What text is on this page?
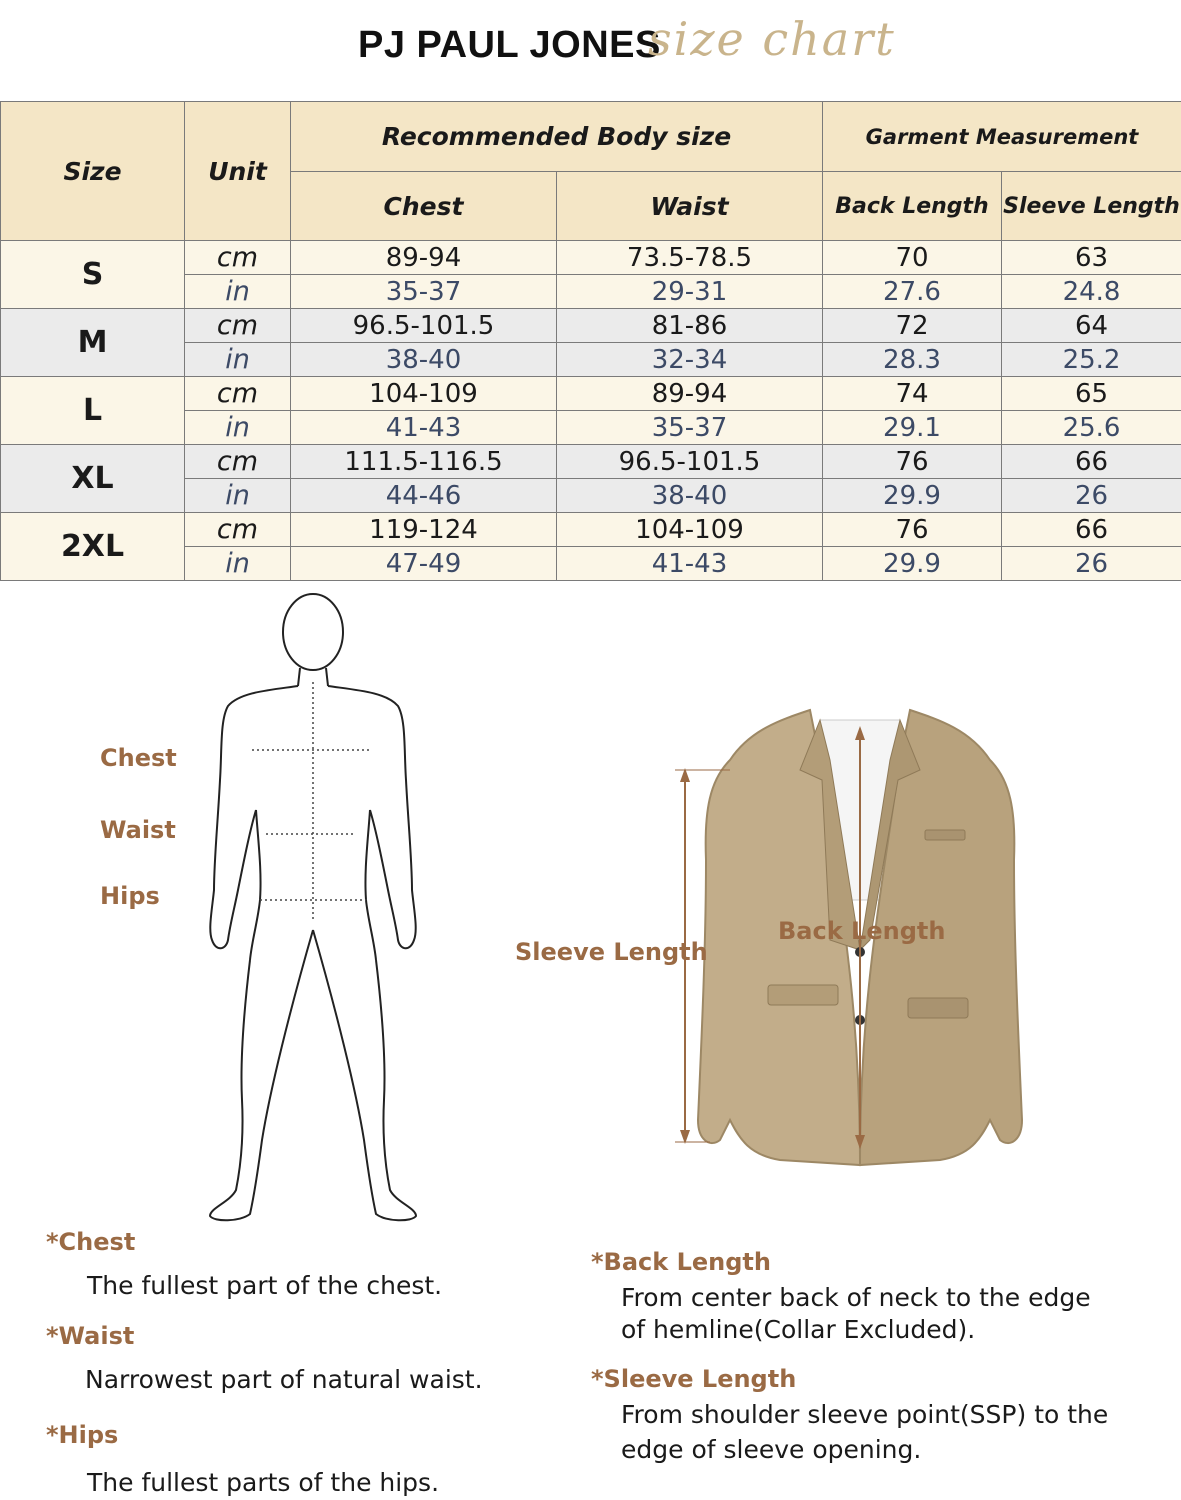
PJ PAUL JONES
size chart
Size	Unit	Recommended Body size		Garment Measurement	
		Chest	Waist	Back Length	Sleeve Length
S	cm	89-94	73.5-78.5	70	63
	in	35-37	29-31	27.6	24.8
M	cm	96.5-101.5	81-86	72	64
	in	38-40	32-34	28.3	25.2
L	cm	104-109	89-94	74	65
	in	41-43	35-37	29.1	25.6
XL	cm	111.5-116.5	96.5-101.5	76	66
	in	44-46	38-40	29.9	26
2XL	cm	119-124	104-109	76	66
	in	47-49	41-43	29.9	26
Chest
Waist
Hips
Sleeve Length
Back Length
*Chest
The fullest part of the chest.
*Waist
Narrowest part of natural waist.
*Hips
The fullest parts of the hips.
*Back Length
From center back of neck to the edge
of hemline(Collar Excluded).
*Sleeve Length
From shoulder sleeve point(SSP) to the
edge of sleeve opening.
